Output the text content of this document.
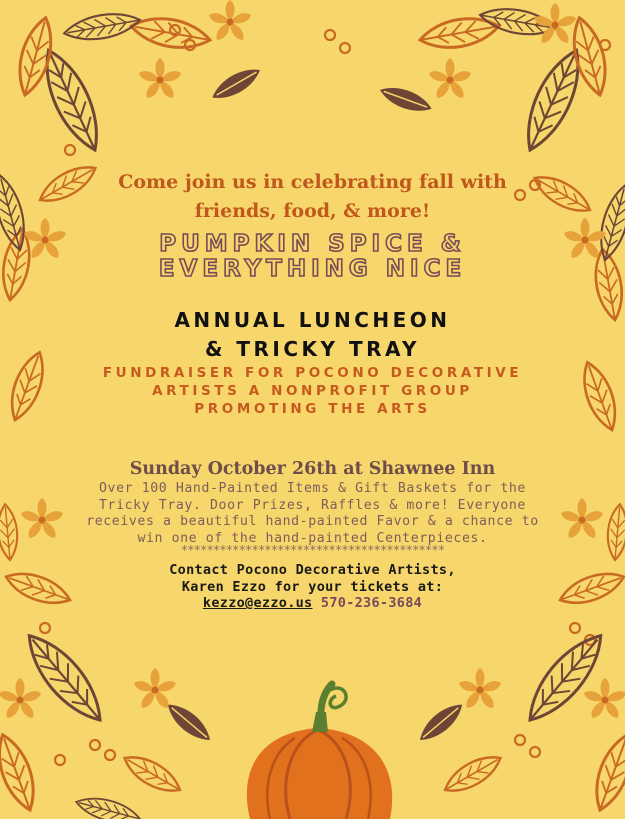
Come join us in celebrating fall with
friends, food, & more!

PUMPKIN SPICE &
EVERYTHING NICE

ANNUAL LUNCHEON
& TRICKY TRAY

FUNDRAISER FOR POCONO DECORATIVE
ARTISTS A NONPROFIT GROUP
PROMOTING THE ARTS

Sunday October 26th at Shawnee Inn

Over 100 Hand-Painted Items & Gift Baskets for the
Tricky Tray. Door Prizes, Raffles & more! Everyone
receives a beautiful hand-painted Favor & a chance to
win one of the hand-painted Centerpieces.

*****************************************

Contact Pocono Decorative Artists,
Karen Ezzo for your tickets at:
kezzo@ezzo.us 570-236-3684
